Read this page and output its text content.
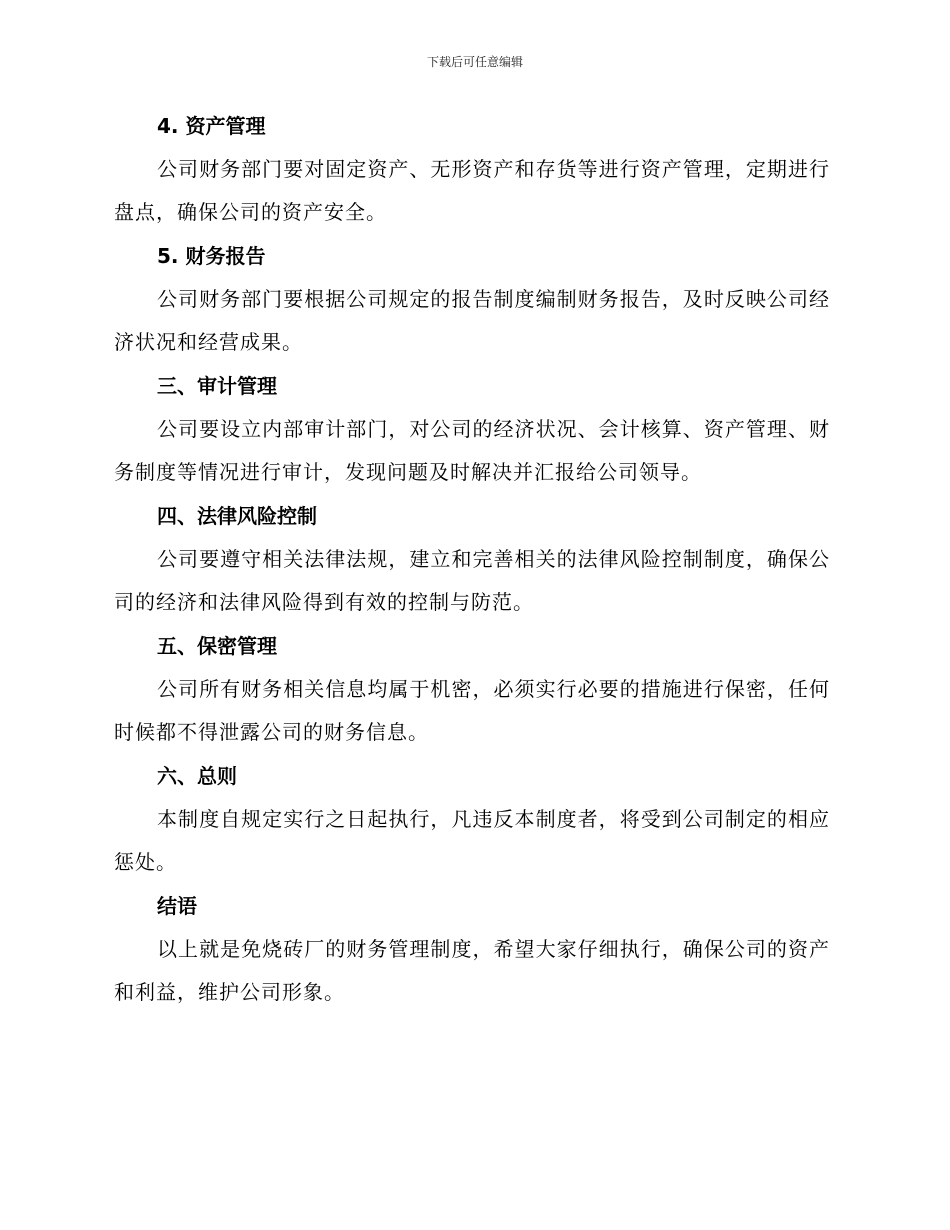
下载后可任意编辑
4. 资产管理

公司财务部门要对固定资产、无形资产和存货等进行资产管理，定期进行盘点，确保公司的资产安全。

5. 财务报告

公司财务部门要根据公司规定的报告制度编制财务报告，及时反映公司经济状况和经营成果。

三、审计管理

公司要设立内部审计部门，对公司的经济状况、会计核算、资产管理、财务制度等情况进行审计，发现问题及时解决并汇报给公司领导。

四、法律风险控制

公司要遵守相关法律法规，建立和完善相关的法律风险控制制度，确保公司的经济和法律风险得到有效的控制与防范。

五、保密管理

公司所有财务相关信息均属于机密，必须实行必要的措施进行保密，任何时候都不得泄露公司的财务信息。

六、总则

本制度自规定实行之日起执行，凡违反本制度者，将受到公司制定的相应惩处。

结语

以上就是免烧砖厂的财务管理制度，希望大家仔细执行，确保公司的资产和利益，维护公司形象。
